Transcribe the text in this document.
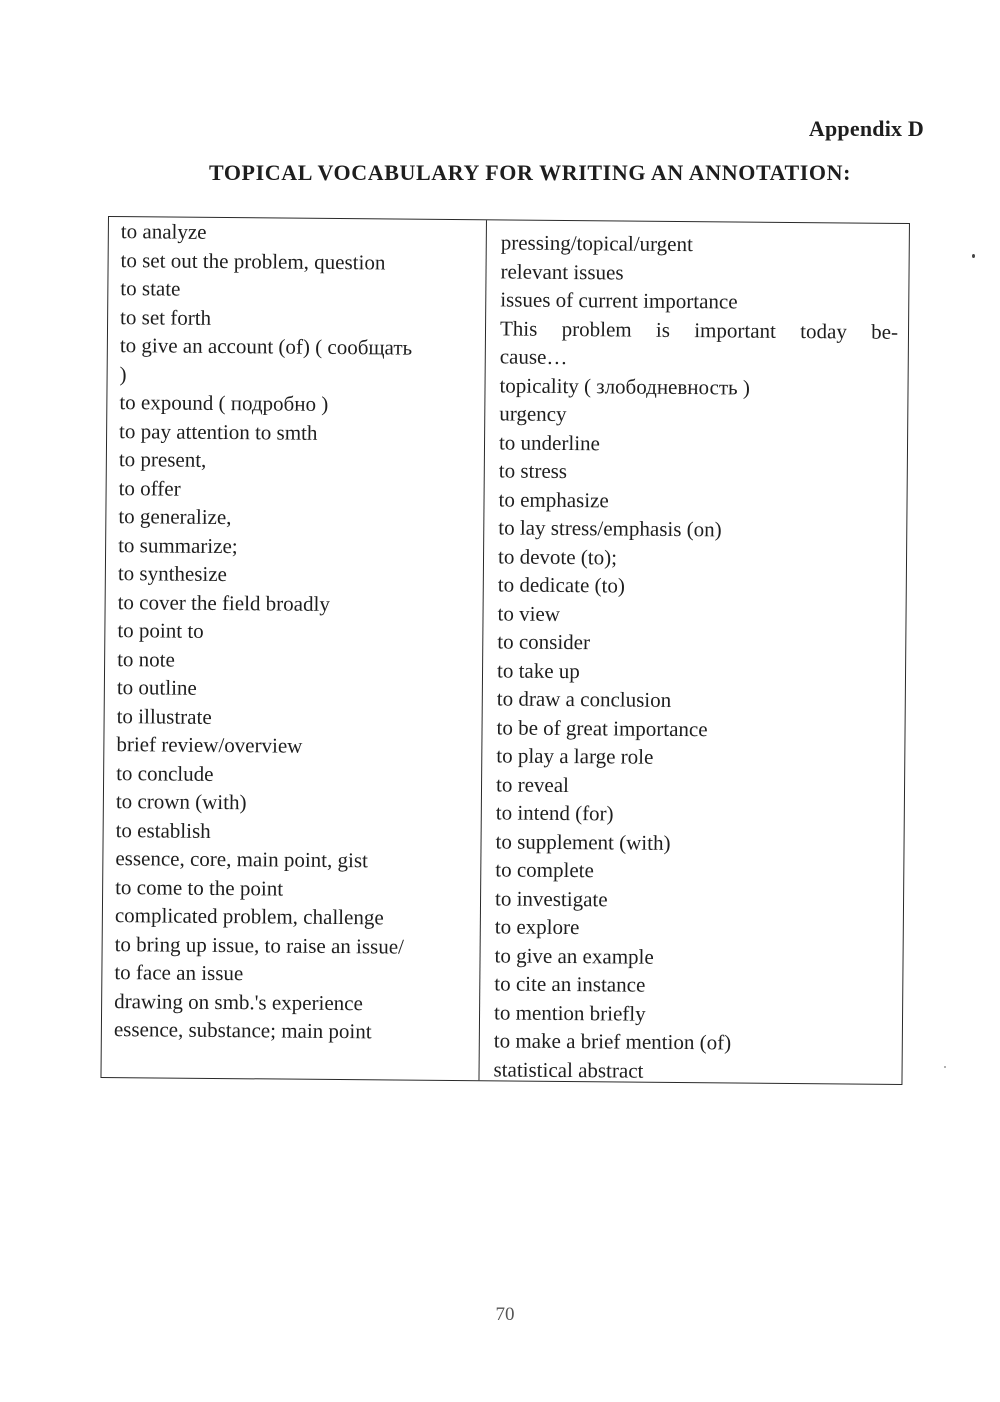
Appendix D
TOPICAL VOCABULARY FOR WRITING AN ANNOTATION:
to analyze
to set out the problem, question
to state
to set forth
to give an account (of) ( сообщать
)
to expound ( подробно )
to pay attention to smth
to present,
to offer
to generalize,
to summarize;
to synthesize
to cover the field broadly
to point to
to note
to outline
to illustrate
brief review/overview
to conclude
to crown (with)
to establish
essence, core, main point, gist
to come to the point
complicated problem, challenge
to bring up issue, to raise an issue/
to face an issue
drawing on smb.'s experience
essence, substance; main point
pressing/topical/urgent
relevant issues
issues of current importance
This problem is important today be-
cause…
topicality ( злободневность )
urgency
to underline
to stress
to emphasize
to lay stress/emphasis (on)
to devote (to);
to dedicate (to)
to view
to consider
to take up
to draw a conclusion
to be of great importance
to play a large role
to reveal
to intend (for)
to supplement (with)
to complete
to investigate
to explore
to give an example
to cite an instance
to mention briefly
to make a brief mention (of)
statistical abstract
70
